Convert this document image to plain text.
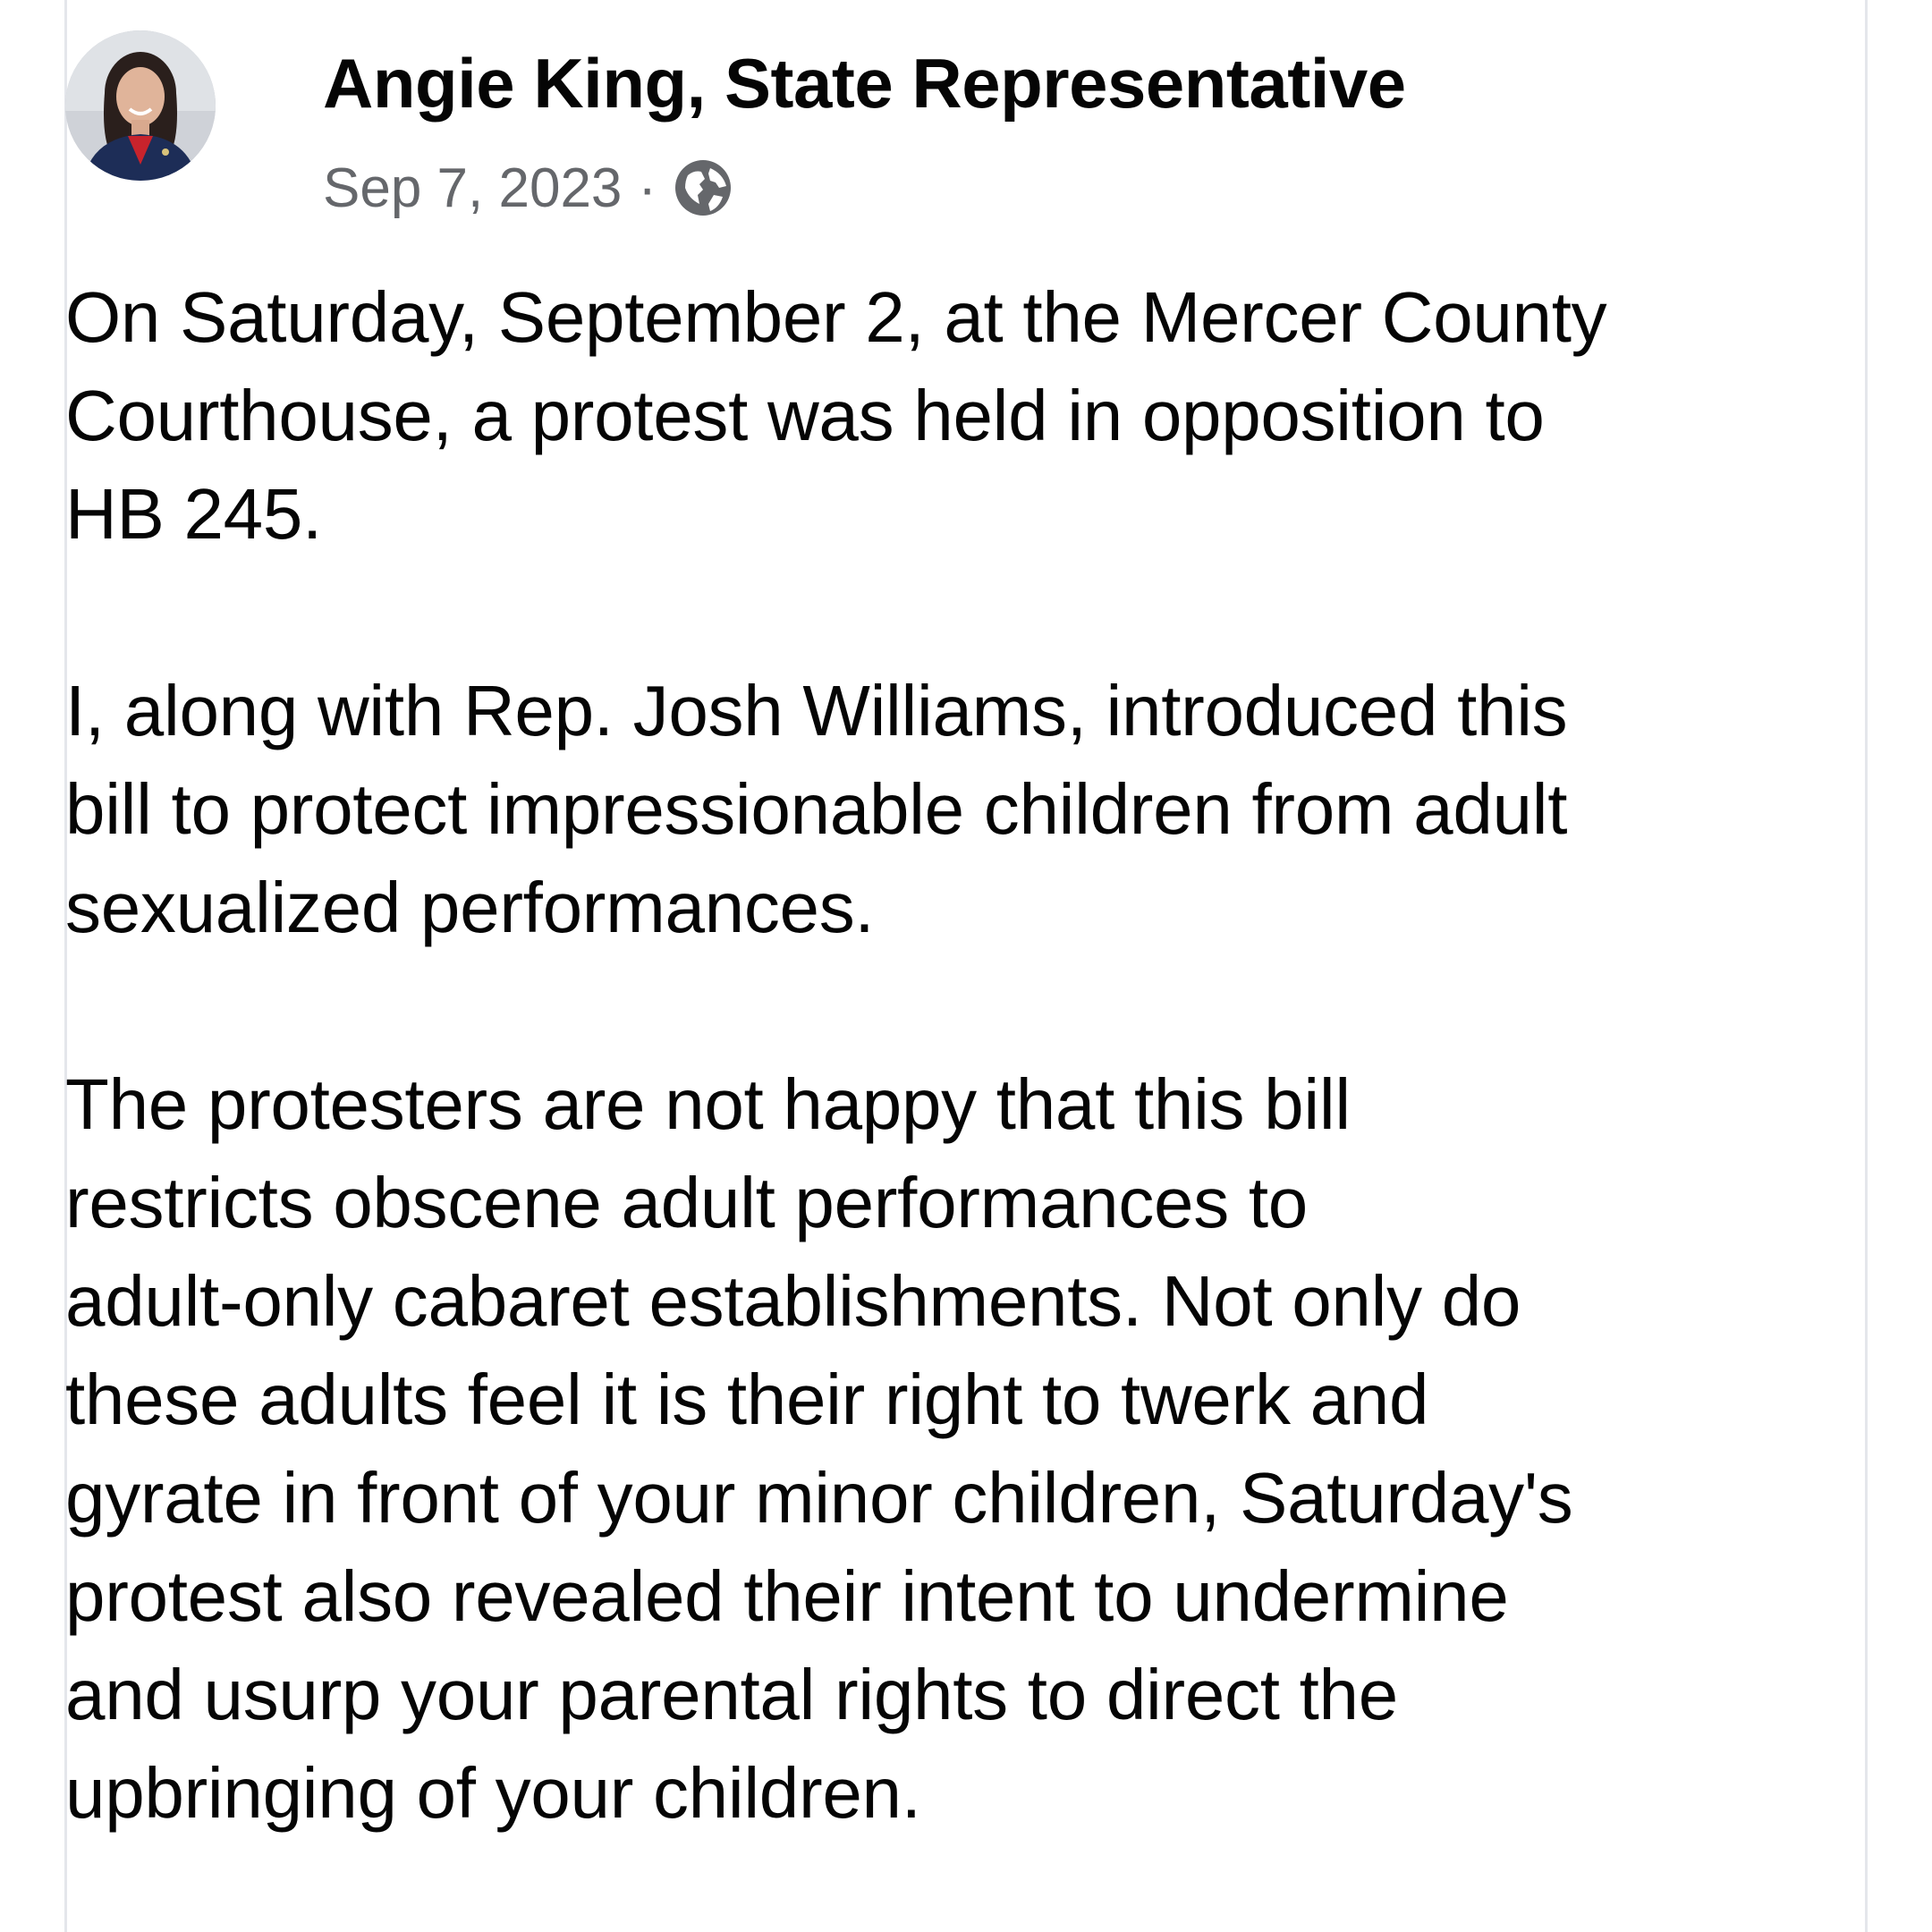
Angie King, State Representative
Sep 7, 2023 ·

On Saturday, September 2, at the Mercer County
Courthouse, a protest was held in opposition to
HB 245.

I, along with Rep. Josh Williams, introduced this
bill to protect impressionable children from adult
sexualized performances.

The protesters are not happy that this bill
restricts obscene adult performances to
adult-only cabaret establishments. Not only do
these adults feel it is their right to twerk and
gyrate in front of your minor children, Saturday's
protest also revealed their intent to undermine
and usurp your parental rights to direct the
upbringing of your children.
